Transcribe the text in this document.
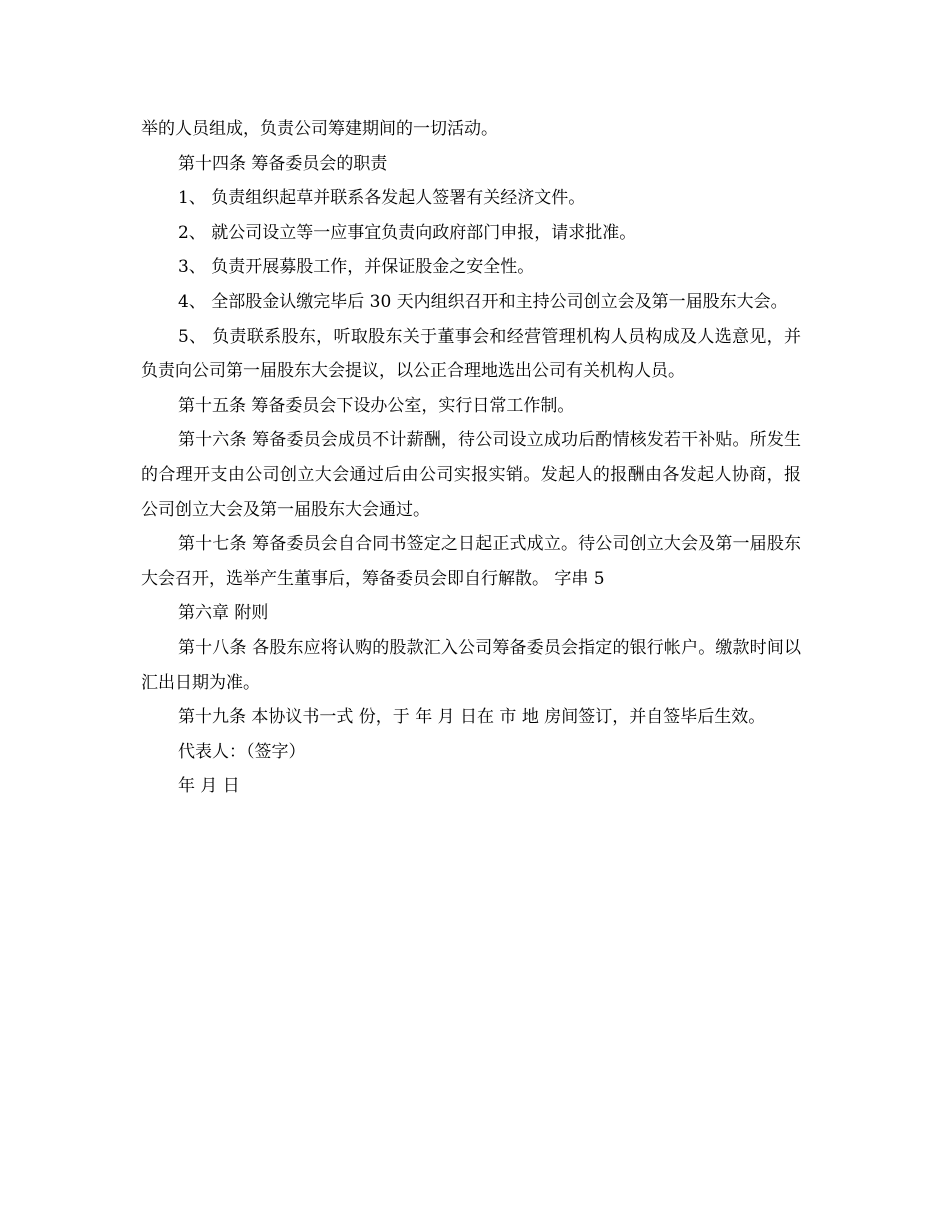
举的人员组成，负责公司筹建期间的一切活动。

第十四条 筹备委员会的职责

1、 负责组织起草并联系各发起人签署有关经济文件。

2、 就公司设立等一应事宜负责向政府部门申报，请求批准。

3、 负责开展募股工作，并保证股金之安全性。

4、 全部股金认缴完毕后 30 天内组织召开和主持公司创立会及第一届股东大会。

5、 负责联系股东，听取股东关于董事会和经营管理机构人员构成及人选意见，并负责向公司第一届股东大会提议，以公正合理地选出公司有关机构人员。

第十五条 筹备委员会下设办公室，实行日常工作制。

第十六条 筹备委员会成员不计薪酬，待公司设立成功后酌情核发若干补贴。所发生的合理开支由公司创立大会通过后由公司实报实销。发起人的报酬由各发起人协商，报公司创立大会及第一届股东大会通过。

第十七条 筹备委员会自合同书签定之日起正式成立。待公司创立大会及第一届股东大会召开，选举产生董事后，筹备委员会即自行解散。 字串 5

第六章 附则

第十八条 各股东应将认购的股款汇入公司筹备委员会指定的银行帐户。缴款时间以汇出日期为准。

第十九条 本协议书一式 份，于 年 月 日在 市 地 房间签订，并自签毕后生效。

代表人：（签字）

年 月 日
